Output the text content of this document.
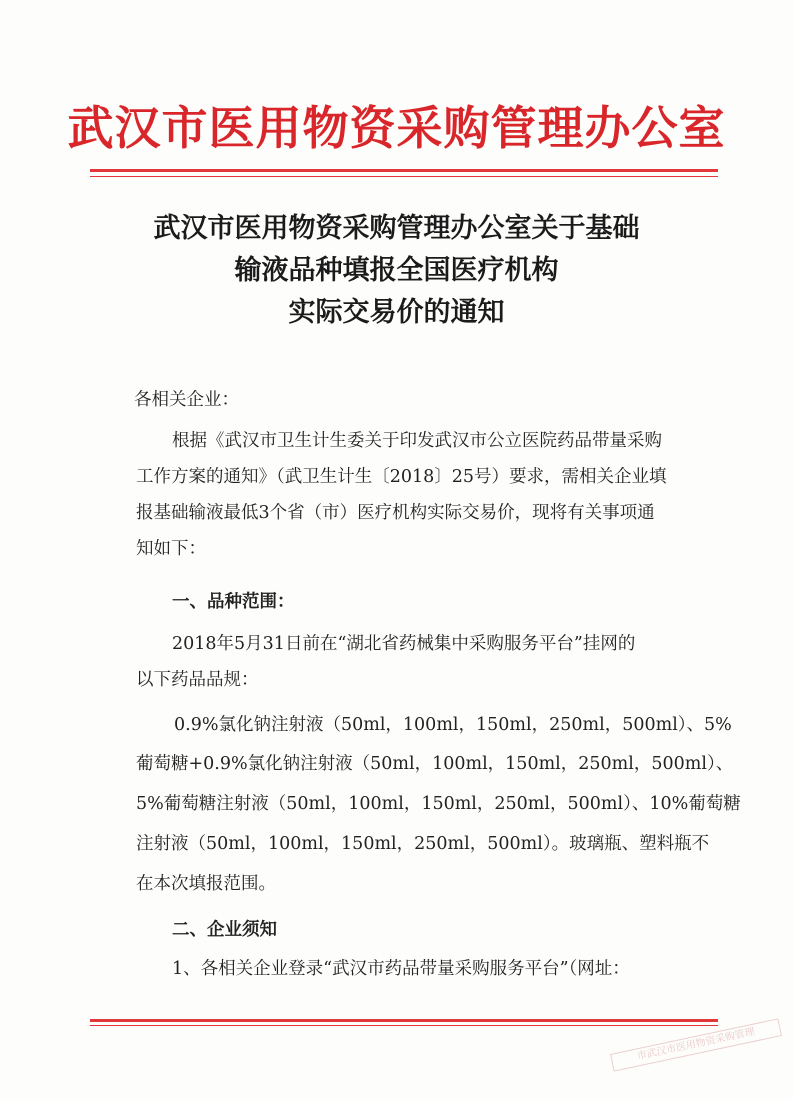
武汉市医用物资采购管理办公室
武汉市医用物资采购管理办公室关于基础
输液品种填报全国医疗机构
实际交易价的通知
各相关企业：
根据《武汉市卫生计生委关于印发武汉市公立医院药品带量采购
工作方案的通知》（武卫生计生〔2018〕25号）要求，需相关企业填
报基础输液最低3个省（市）医疗机构实际交易价，现将有关事项通
知如下：
一、品种范围：
2018年5月31日前在“湖北省药械集中采购服务平台”挂网的
以下药品品规：
0.9%氯化钠注射液（50ml，100ml，150ml，250ml，500ml）、5%
葡萄糖+0.9%氯化钠注射液（50ml，100ml，150ml，250ml，500ml）、
5%葡萄糖注射液（50ml，100ml，150ml，250ml，500ml）、10%葡萄糖
注射液（50ml，100ml，150ml，250ml，500ml）。玻璃瓶、塑料瓶不
在本次填报范围。
二、企业须知
1、各相关企业登录“武汉市药品带量采购服务平台”（网址：
市武汉市医用物资采购管理
